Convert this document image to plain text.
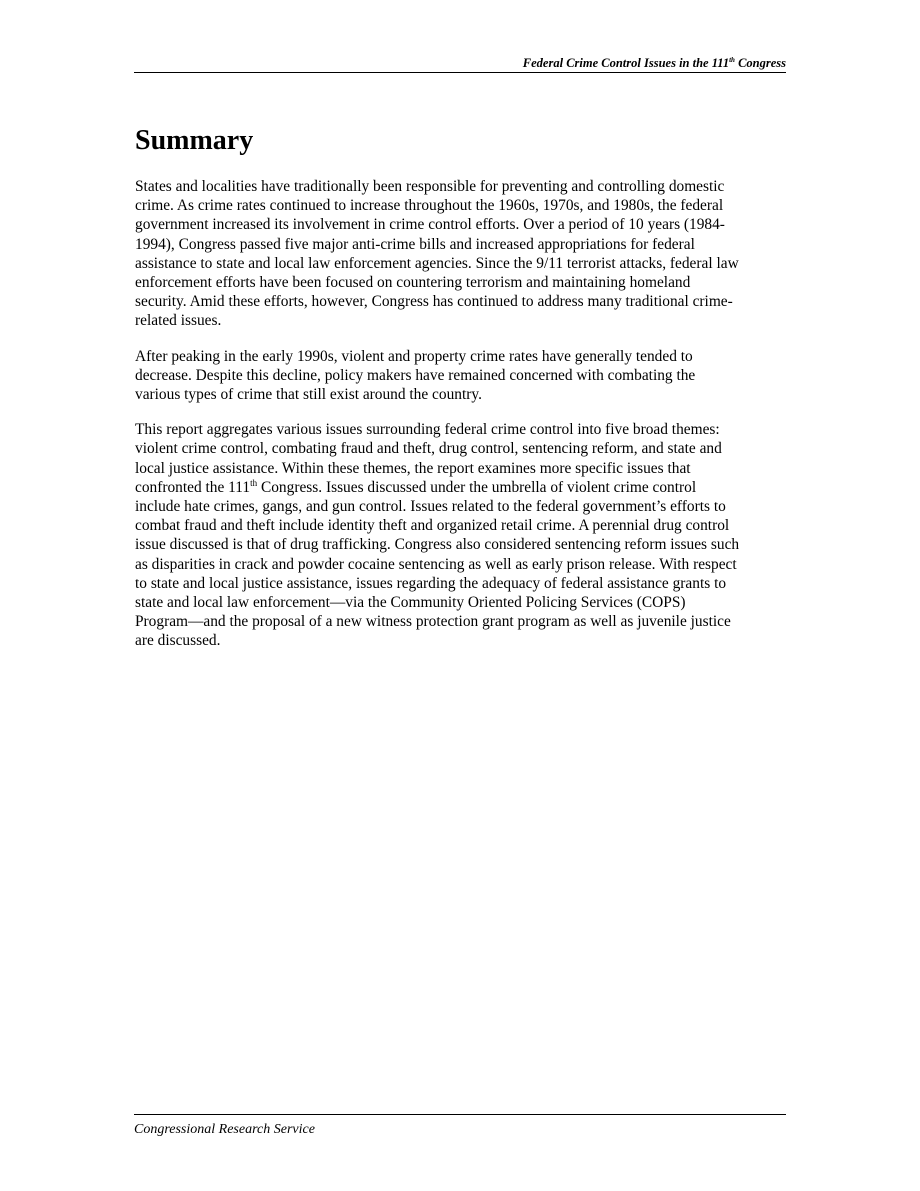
Federal Crime Control Issues in the 111th Congress
Summary

States and localities have traditionally been responsible for preventing and controlling domestic
crime. As crime rates continued to increase throughout the 1960s, 1970s, and 1980s, the federal
government increased its involvement in crime control efforts. Over a period of 10 years (1984-
1994), Congress passed five major anti-crime bills and increased appropriations for federal
assistance to state and local law enforcement agencies. Since the 9/11 terrorist attacks, federal law
enforcement efforts have been focused on countering terrorism and maintaining homeland
security. Amid these efforts, however, Congress has continued to address many traditional crime-
related issues.

After peaking in the early 1990s, violent and property crime rates have generally tended to
decrease. Despite this decline, policy makers have remained concerned with combating the
various types of crime that still exist around the country.

This report aggregates various issues surrounding federal crime control into five broad themes:
violent crime control, combating fraud and theft, drug control, sentencing reform, and state and
local justice assistance. Within these themes, the report examines more specific issues that
confronted the 111th Congress. Issues discussed under the umbrella of violent crime control
include hate crimes, gangs, and gun control. Issues related to the federal government’s efforts to
combat fraud and theft include identity theft and organized retail crime. A perennial drug control
issue discussed is that of drug trafficking. Congress also considered sentencing reform issues such
as disparities in crack and powder cocaine sentencing as well as early prison release. With respect
to state and local justice assistance, issues regarding the adequacy of federal assistance grants to
state and local law enforcement—via the Community Oriented Policing Services (COPS)
Program—and the proposal of a new witness protection grant program as well as juvenile justice
are discussed.

Congressional Research Service
